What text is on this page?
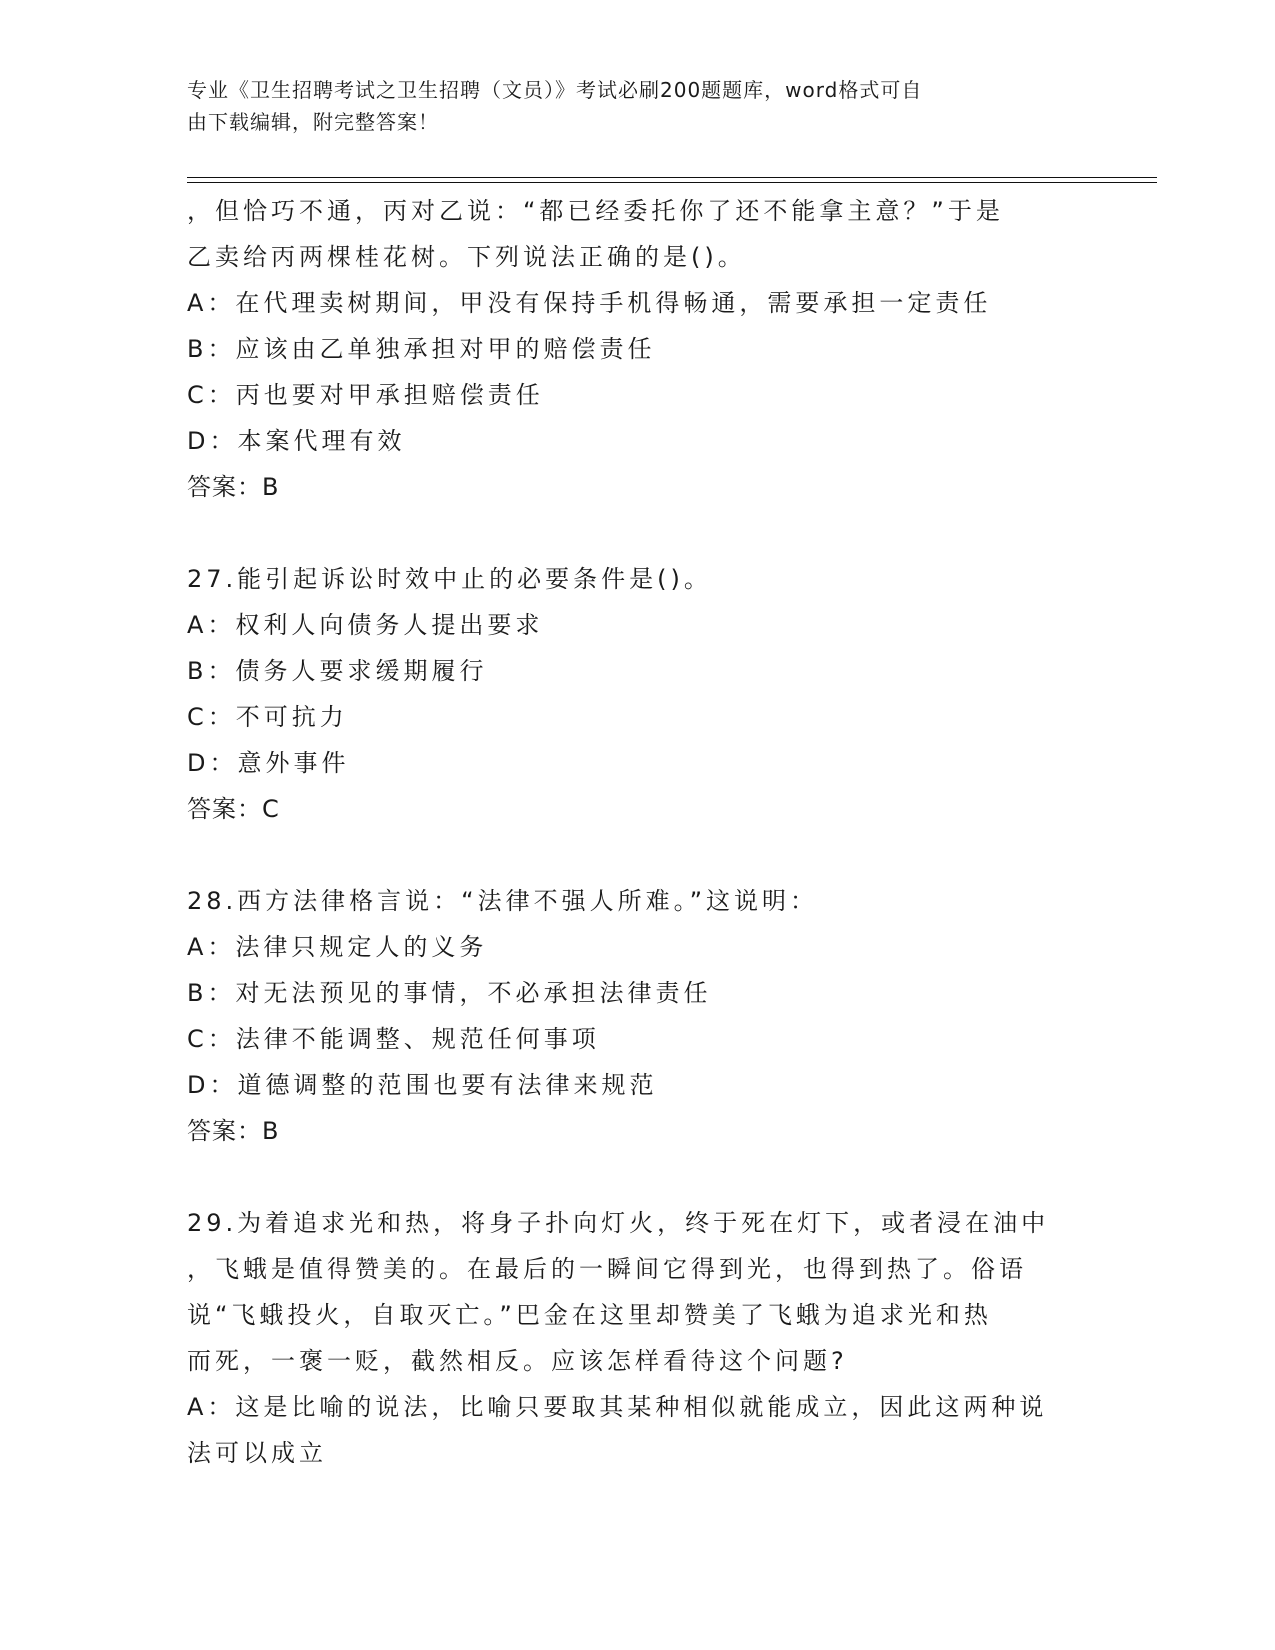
专业《卫生招聘考试之卫生招聘（文员）》考试必刷200题题库，word格式可自
由下载编辑，附完整答案！
，但恰巧不通，丙对乙说：“都已经委托你了还不能拿主意？”于是
乙卖给丙两棵桂花树。下列说法正确的是()。
A：在代理卖树期间，甲没有保持手机得畅通，需要承担一定责任
B：应该由乙单独承担对甲的赔偿责任
C：丙也要对甲承担赔偿责任
D：本案代理有效
答案：B
27.能引起诉讼时效中止的必要条件是()。
A：权利人向债务人提出要求
B：债务人要求缓期履行
C：不可抗力
D：意外事件
答案：C
28.西方法律格言说：“法律不强人所难。”这说明：
A：法律只规定人的义务
B：对无法预见的事情，不必承担法律责任
C：法律不能调整、规范任何事项
D：道德调整的范围也要有法律来规范
答案：B
29.为着追求光和热，将身子扑向灯火，终于死在灯下，或者浸在油中
，飞蛾是值得赞美的。在最后的一瞬间它得到光，也得到热了。俗语
说“飞蛾投火，自取灭亡。”巴金在这里却赞美了飞蛾为追求光和热
而死，一褒一贬，截然相反。应该怎样看待这个问题?
A：这是比喻的说法，比喻只要取其某种相似就能成立，因此这两种说
法可以成立
